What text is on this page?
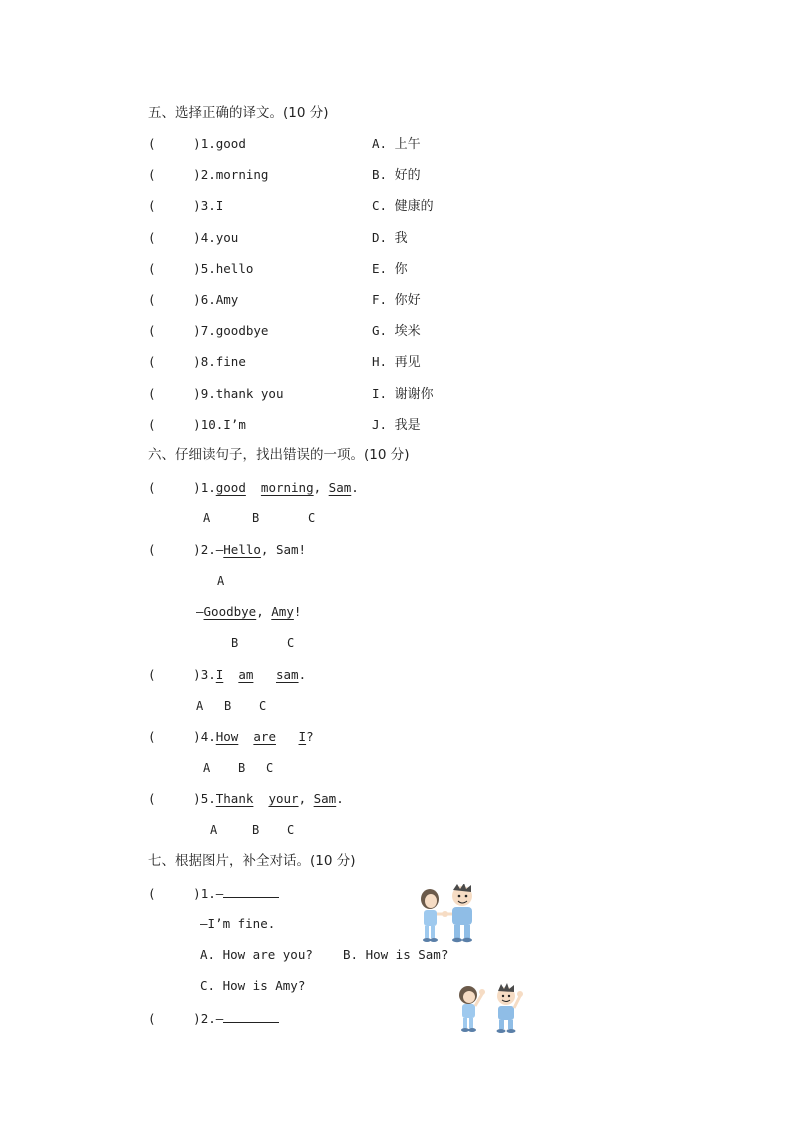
五、选择正确的译文。(10 分)
(     )1.good	A. 上午
(     )2.morning	B. 好的
(     )3.I	C. 健康的
(     )4.you	D. 我
(     )5.hello	E. 你
(     )6.Amy	F. 你好
(     )7.goodbye	G. 埃米
(     )8.fine	H. 再见
(     )9.thank you	I. 谢谢你
(     )10.I’m	J. 我是
六、仔细读句子，找出错误的一项。(10 分)
(     )1.good morning, Sam.
A	B	C
(     )2.—Hello, Sam!
A
—Goodbye, Amy!
B	C
(     )3.I am sam.
A B C
(     )4.How are I?
A B C
(     )5.Thank your, Sam.
A	B C
七、根据图片，补全对话。(10 分)
(     )1.—
—I’m fine.
A. How are you? B. How is Sam?
C. How is Amy?
(     )2.—
